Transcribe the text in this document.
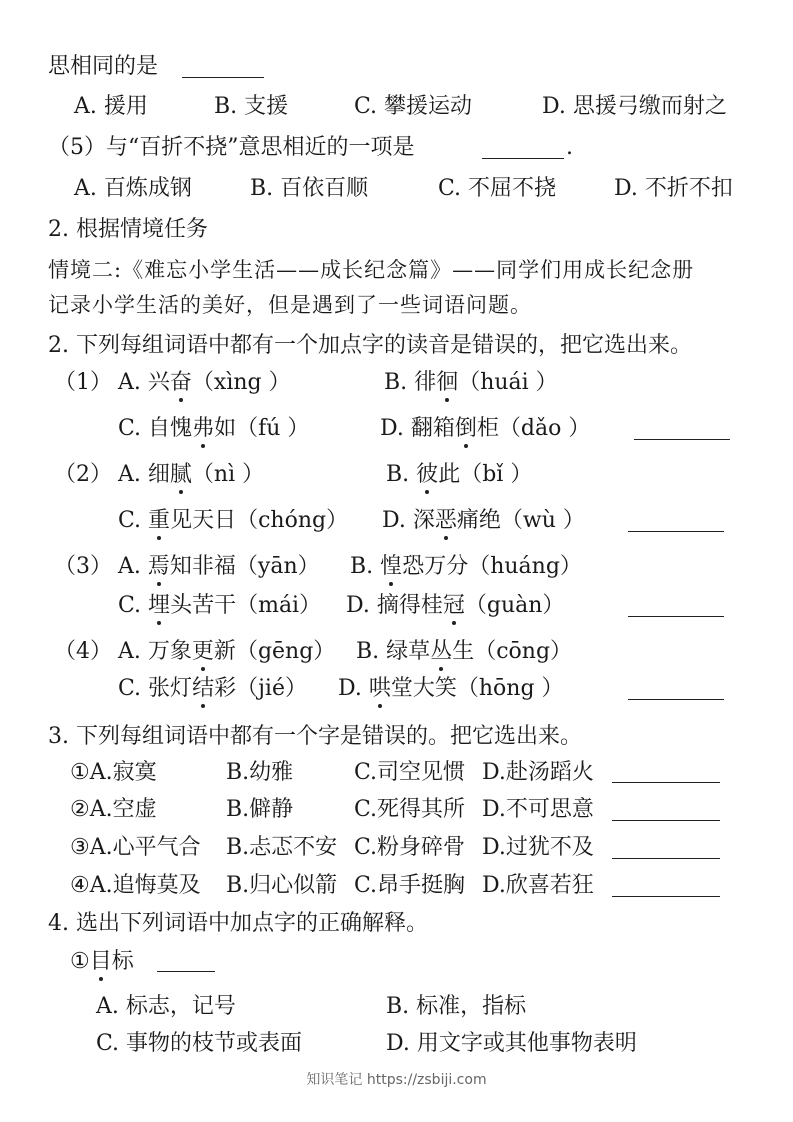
思相同的是
A. 援用	B. 支援	C. 攀援运动	D. 思援弓缴而射之
（5）与“百折不挠”意思相近的一项是	.
A. 百炼成钢	B. 百依百顺	C. 不屈不挠	D. 不折不扣
2. 根据情境任务
情境二:《难忘小学生活——成长纪念篇》——同学们用成长纪念册
记录小学生活的美好，但是遇到了一些词语问题。
2. 下列每组词语中都有一个加点字的读音是错误的，把它选出来。
（1） A. 兴奋（xìng ）	B. 徘徊（huái ）
C. 自愧弗如（fú ）	D. 翻箱倒柜（dǎo ）
（2） A. 细腻（nì ）	B. 彼此（bǐ ）
C. 重见天日（chóng） D. 深恶痛绝（wù ）
（3） A. 焉知非福（yān） B. 惶恐万分（huáng）
C. 埋头苦干（mái） D. 摘得桂冠（guàn）
（4） A. 万象更新（gēng） B. 绿草丛生（cōng）
C. 张灯结彩（jié） D. 哄堂大笑（hōng ）
3. 下列每组词语中都有一个字是错误的。把它选出来。
①A.寂寞	B.幼雅	C.司空见惯 D.赴汤蹈火
②A.空虚	B.僻静	C.死得其所 D.不可思意
③A.心平气合 B.忐忑不安 C.粉身碎骨 D.过犹不及
④A.追悔莫及 B.归心似箭 C.昂手挺胸 D.欣喜若狂
4. 选出下列词语中加点字的正确解释。
①目标
A. 标志，记号	B. 标准，指标
C. 事物的枝节或表面	D. 用文字或其他事物表明
知识笔记 https://zsbiji.com
